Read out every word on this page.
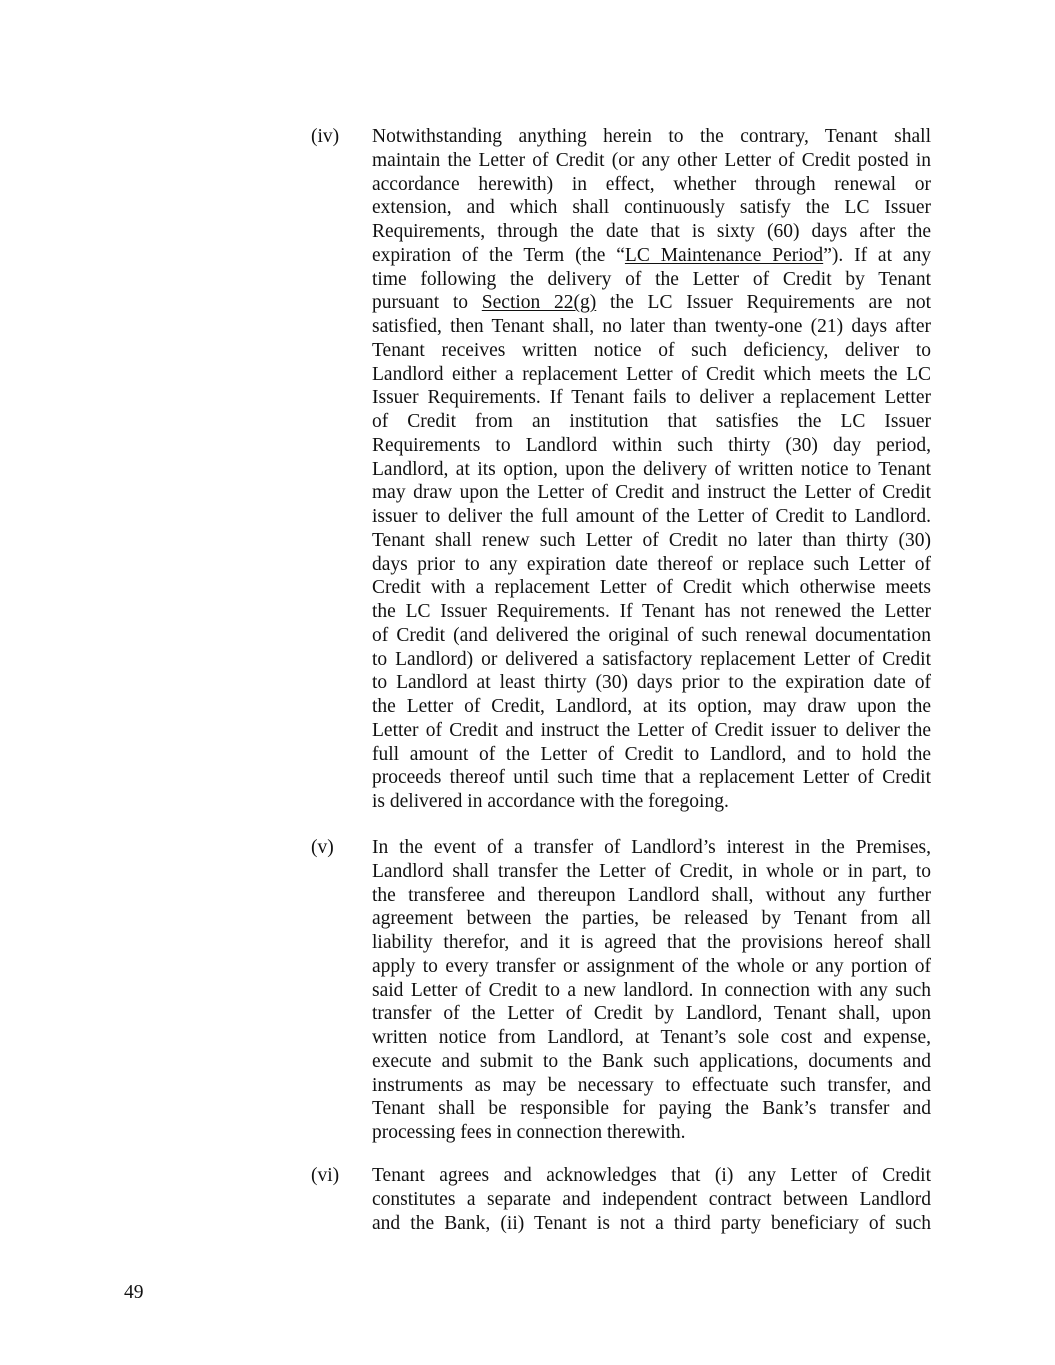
(iv) Notwithstanding anything herein to the contrary, Tenant shall
maintain the Letter of Credit (or any other Letter of Credit posted in
accordance herewith) in effect, whether through renewal or
extension, and which shall continuously satisfy the LC Issuer
Requirements, through the date that is sixty (60) days after the
expiration of the Term (the “LC Maintenance Period”). If at any
time following the delivery of the Letter of Credit by Tenant
pursuant to Section 22(g) the LC Issuer Requirements are not
satisfied, then Tenant shall, no later than twenty-one (21) days after
Tenant receives written notice of such deficiency, deliver to
Landlord either a replacement Letter of Credit which meets the LC
Issuer Requirements. If Tenant fails to deliver a replacement Letter
of Credit from an institution that satisfies the LC Issuer
Requirements to Landlord within such thirty (30) day period,
Landlord, at its option, upon the delivery of written notice to Tenant
may draw upon the Letter of Credit and instruct the Letter of Credit
issuer to deliver the full amount of the Letter of Credit to Landlord.
Tenant shall renew such Letter of Credit no later than thirty (30)
days prior to any expiration date thereof or replace such Letter of
Credit with a replacement Letter of Credit which otherwise meets
the LC Issuer Requirements. If Tenant has not renewed the Letter
of Credit (and delivered the original of such renewal documentation
to Landlord) or delivered a satisfactory replacement Letter of Credit
to Landlord at least thirty (30) days prior to the expiration date of
the Letter of Credit, Landlord, at its option, may draw upon the
Letter of Credit and instruct the Letter of Credit issuer to deliver the
full amount of the Letter of Credit to Landlord, and to hold the
proceeds thereof until such time that a replacement Letter of Credit
is delivered in accordance with the foregoing.
(v) In the event of a transfer of Landlord’s interest in the Premises,
Landlord shall transfer the Letter of Credit, in whole or in part, to
the transferee and thereupon Landlord shall, without any further
agreement between the parties, be released by Tenant from all
liability therefor, and it is agreed that the provisions hereof shall
apply to every transfer or assignment of the whole or any portion of
said Letter of Credit to a new landlord. In connection with any such
transfer of the Letter of Credit by Landlord, Tenant shall, upon
written notice from Landlord, at Tenant’s sole cost and expense,
execute and submit to the Bank such applications, documents and
instruments as may be necessary to effectuate such transfer, and
Tenant shall be responsible for paying the Bank’s transfer and
processing fees in connection therewith.
(vi) Tenant agrees and acknowledges that (i) any Letter of Credit
constitutes a separate and independent contract between Landlord
and the Bank, (ii) Tenant is not a third party beneficiary of such
49
